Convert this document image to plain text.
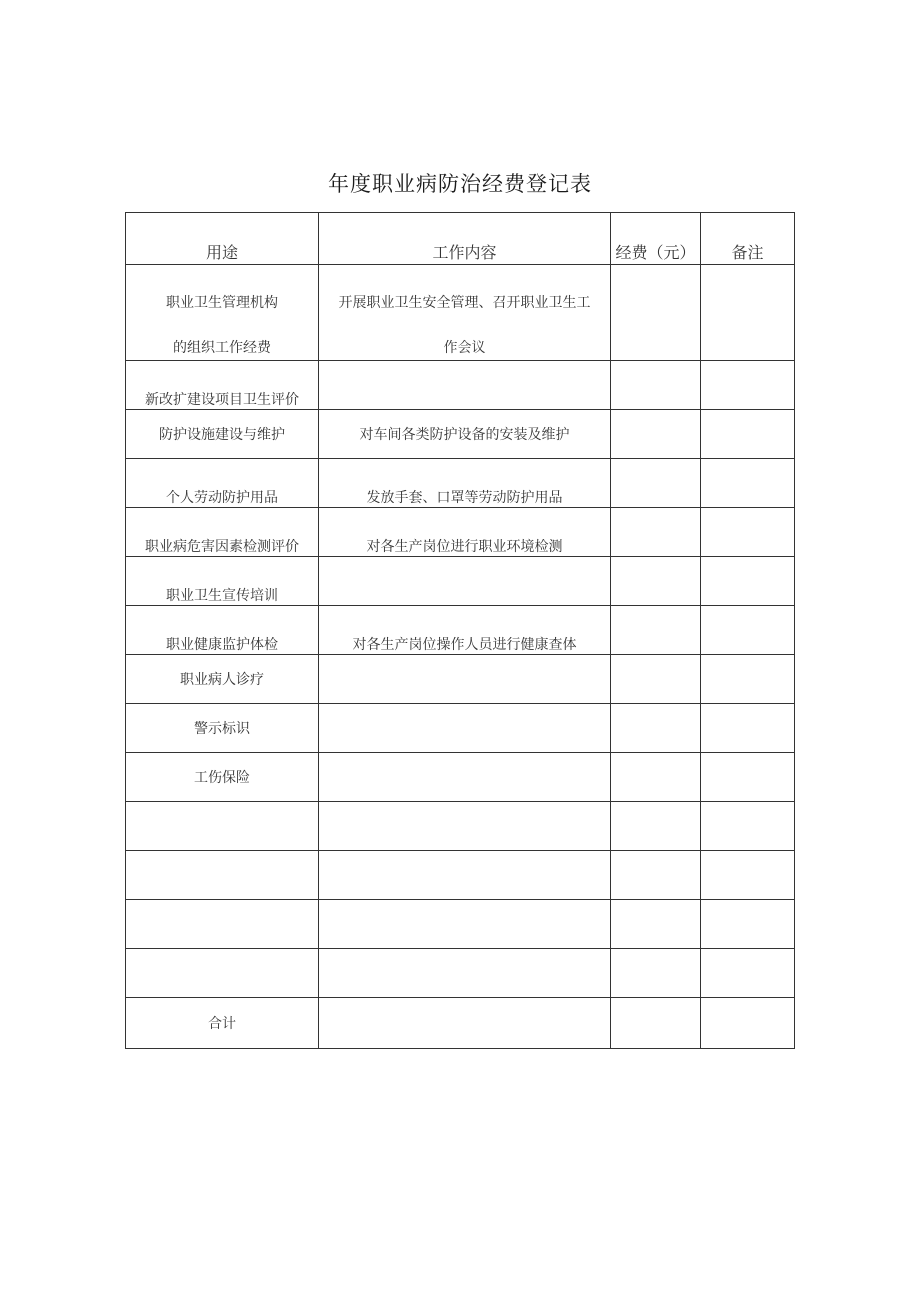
年度职业病防治经费登记表
用途	工作内容	经费（元）	备注

职业卫生管理机构
的组织工作经费	开展职业卫生安全管理、召开职业卫生工
作会议		

新改扩建设项目卫生评价			
防护设施建设与维护	对车间各类防护设备的安装及维护		
个人劳动防护用品	发放手套、口罩等劳动防护用品		
职业病危害因素检测评价	对各生产岗位进行职业环境检测		
职业卫生宣传培训			
职业健康监护体检	对各生产岗位操作人员进行健康查体		
职业病人诊疗			
警示标识			
工伤保险			

合计			
